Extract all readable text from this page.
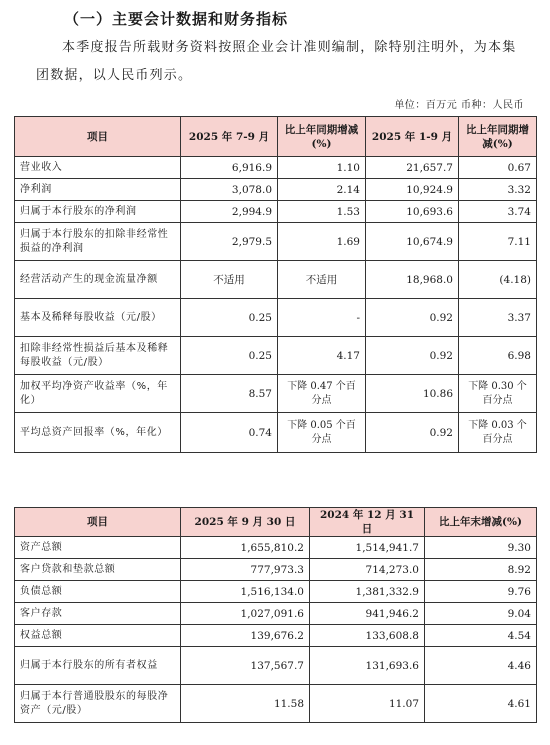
（一）主要会计数据和财务指标
本季度报告所载财务资料按照企业会计准则编制，除特别注明外，为本集团数据，以人民币列示。
单位：百万元 币种：人民币
项目	2025 年 7-9 月	比上年同期增减(%)	2025 年 1-9 月	比上年同期增减(%)
营业收入	6,916.9	1.10	21,657.7	0.67
净利润	3,078.0	2.14	10,924.9	3.32
归属于本行股东的净利润	2,994.9	1.53	10,693.6	3.74
归属于本行股东的扣除非经常性损益的净利润	2,979.5	1.69	10,674.9	7.11
经营活动产生的现金流量净额	不适用	不适用	18,968.0	(4.18)
基本及稀释每股收益（元/股）	0.25	-	0.92	3.37
扣除非经常性损益后基本及稀释每股收益（元/股）	0.25	4.17	0.92	6.98
加权平均净资产收益率（%，年化）	8.57	下降 0.47 个百分点	10.86	下降 0.30 个百分点
平均总资产回报率（%，年化）	0.74	下降 0.05 个百分点	0.92	下降 0.03 个百分点
项目	2025 年 9 月 30 日	2024 年 12 月 31 日	比上年末增减(%)
资产总额	1,655,810.2	1,514,941.7	9.30
客户贷款和垫款总额	777,973.3	714,273.0	8.92
负债总额	1,516,134.0	1,381,332.9	9.76
客户存款	1,027,091.6	941,946.2	9.04
权益总额	139,676.2	133,608.8	4.54
归属于本行股东的所有者权益	137,567.7	131,693.6	4.46
归属于本行普通股股东的每股净资产（元/股）	11.58	11.07	4.61
